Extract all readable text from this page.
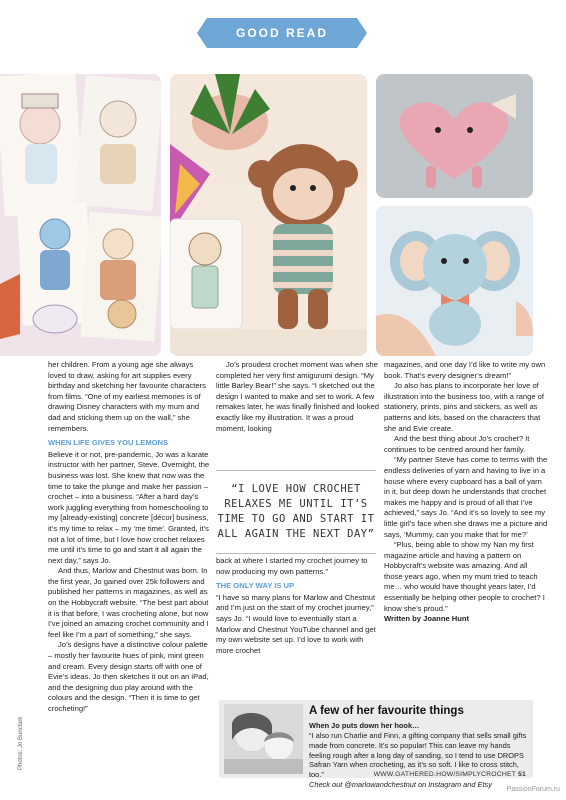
GOOD READ

her children. From a young age she always loved to draw, asking for art supplies every birthday and sketching her favourite characters from films. “One of my earliest memories is of drawing Disney characters with my mum and dad and sticking them up on the wall,” she remembers.

WHEN LIFE GIVES YOU LEMONS

Believe it or not, pre-pandemic, Jo was a karate instructor with her partner, Steve. Overnight, the business was lost. She knew that now was the time to take the plunge and make her passion – crochet – into a business. “After a hard day’s work juggling everything from homeschooling to my [already-existing] concrete [décor] business, it’s my time to relax – my ‘me time’. Granted, it’s not a lot of time, but I love how crochet relaxes me until it’s time to go and start it all again the next day,” says Jo.

And thus, Marlow and Chestnut was born. In the first year, Jo gained over 25k followers and published her patterns in magazines, as well as on the Hobbycraft website. “The best part about it is that before, I was crocheting alone, but now I’ve joined an amazing crochet community and I feel like I’m a part of something,” she says.

Jo’s designs have a distinctive colour palette – mostly her favourite hues of pink, mint green and cream. Every design starts off with one of Evie’s ideas. Jo then sketches it out on an iPad, and the designing duo play around with the colours and the design. “Then it is time to get crocheting!”

Jo’s proudest crochet moment was when she completed her very first amigurumi design. “My little Barley Bear!” she says. “I sketched out the design I wanted to make and set to work. A few remakes later, he was finally finished and looked exactly like my illustration. It was a proud moment, looking

“I LOVE HOW CROCHET RELAXES ME UNTIL IT’S TIME TO GO AND START IT ALL AGAIN THE NEXT DAY”

back at where I started my crochet journey to now producing my own patterns.”

THE ONLY WAY IS UP

“I have so many plans for Marlow and Chestnut and I’m just on the start of my crochet journey,” says Jo. “I would love to eventually start a Marlow and Chestnut YouTube channel and get my own website set up. I’d love to work with more crochet

magazines, and one day I’d like to write my own book. That’s every designer’s dream!”

Jo also has plans to incorporate her love of illustration into the business too, with a range of stationery, prints, pins and stickers, as well as patterns and kits, based on the characters that she and Evie create.

And the best thing about Jo’s crochet? It continues to be centred around her family.

“My partner Steve has come to terms with the endless deliveries of yarn and having to live in a house where every cupboard has a ball of yarn in it, but deep down he understands that crochet makes me happy and is proud of all that I’ve achieved,” says Jo. “And it’s so lovely to see my little girl’s face when she draws me a picture and says, ‘Mummy, can you make that for me?’

“Plus, being able to show my Nan my first magazine article and having a pattern on Hobbycraft’s website was amazing. And all those years ago, when my mum tried to teach me… who would have thought years later, I’d essentially be helping other people to crochet? I know she’s proud.”

Written by Joanne Hunt

A few of her favourite things
When Jo puts down her hook…
“I also run Charlie and Finn, a gifting company that sells small gifts made from concrete. It’s so popular! This can leave my hands feeling rough after a long day of sanding, so I tend to use DROPS Safran Yarn when crocheting, as it’s so soft. I like to cross stitch, too.”
Check out @marlowandchestnut on Instagram and Etsy
Photos: Jo Bunclark
WWW.GATHERED.HOW/SIMPLYCROCHET 51
PassionForum.ru
